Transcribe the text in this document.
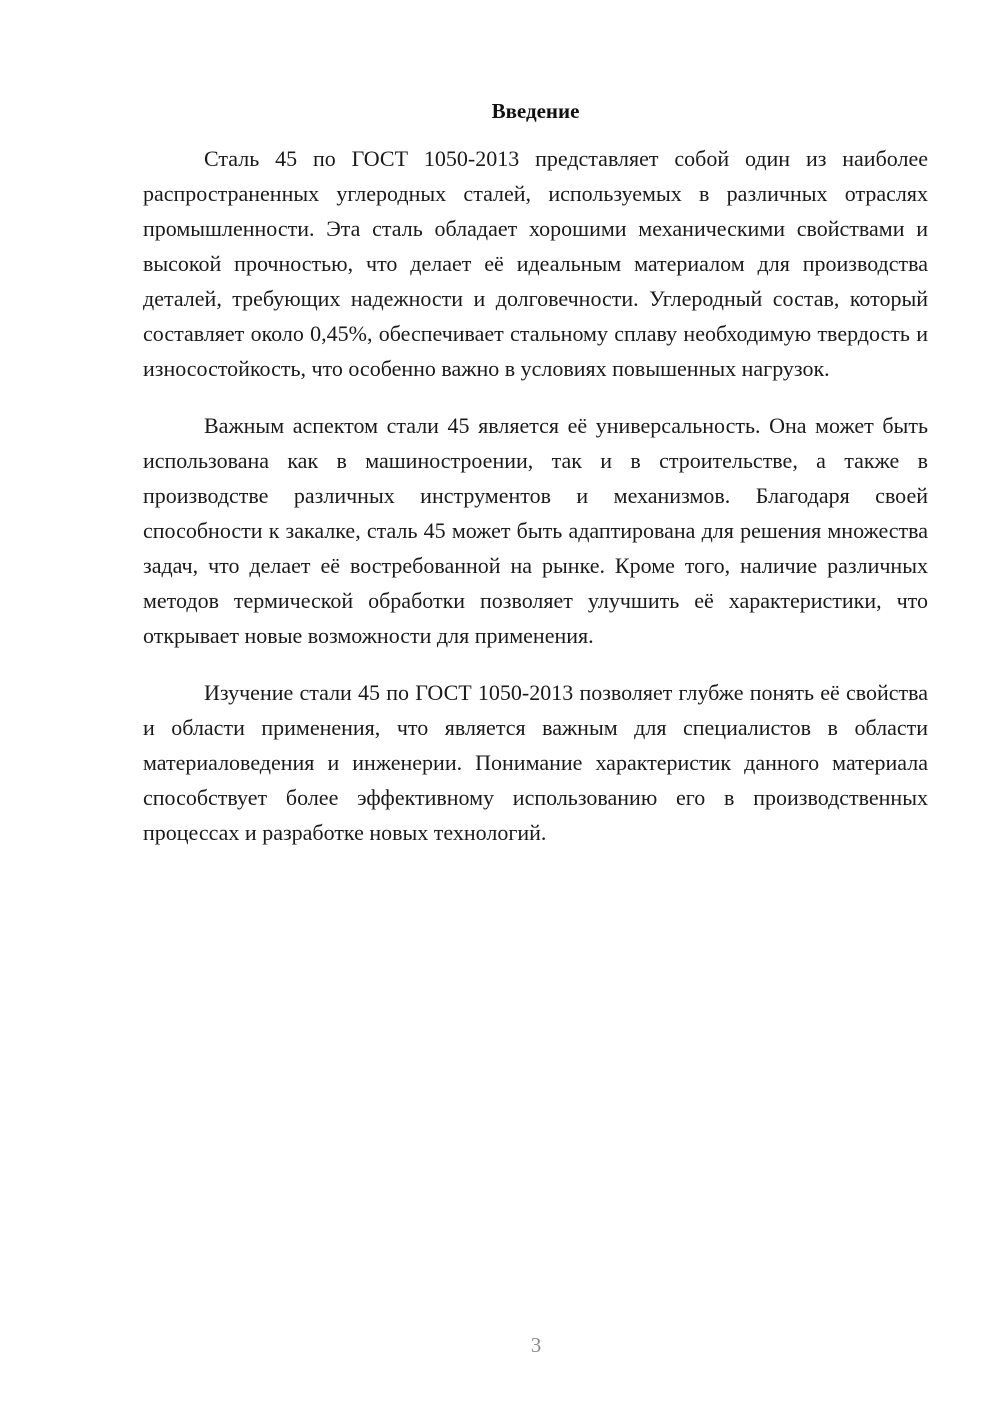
Введение

Сталь 45 по ГОСТ 1050-2013 представляет собой один из наиболее распространенных углеродных сталей, используемых в различных отраслях промышленности. Эта сталь обладает хорошими механическими свойствами и высокой прочностью, что делает её идеальным материалом для производства деталей, требующих надежности и долговечности. Углеродный состав, который составляет около 0,45%, обеспечивает стальному сплаву необходимую твердость и износостойкость, что особенно важно в условиях повышенных нагрузок.

Важным аспектом стали 45 является её универсальность. Она может быть использована как в машиностроении, так и в строительстве, а также в производстве различных инструментов и механизмов. Благодаря своей способности к закалке, сталь 45 может быть адаптирована для решения множества задач, что делает её востребованной на рынке. Кроме того, наличие различных методов термической обработки позволяет улучшить её характеристики, что открывает новые возможности для применения.

Изучение стали 45 по ГОСТ 1050-2013 позволяет глубже понять её свойства и области применения, что является важным для специалистов в области материаловедения и инженерии. Понимание характеристик данного материала способствует более эффективному использованию его в производственных процессах и разработке новых технологий.

3
